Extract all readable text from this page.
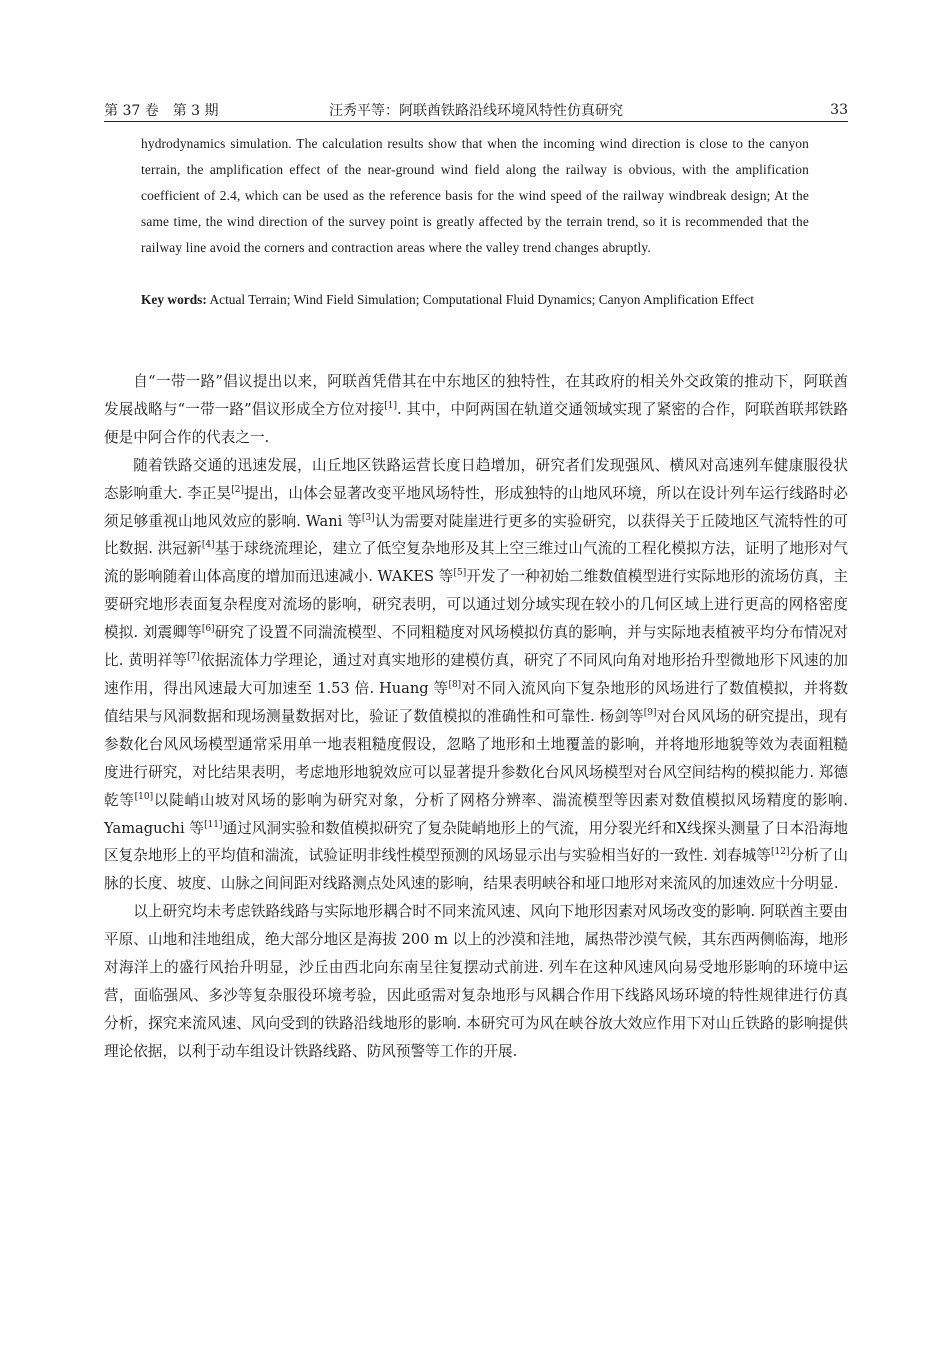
第 37 卷　第 3 期	汪秀平等：阿联酋铁路沿线环境风特性仿真研究	33
hydrodynamics simulation. The calculation results show that when the incoming wind direction is close to the canyon terrain, the amplification effect of the near-ground wind field along the railway is obvious, with the amplification coefficient of 2.4, which can be used as the reference basis for the wind speed of the railway windbreak design; At the same time, the wind direction of the survey point is greatly affected by the terrain trend, so it is recommended that the railway line avoid the corners and contraction areas where the valley trend changes abruptly.
Key words: Actual Terrain; Wind Field Simulation; Computational Fluid Dynamics; Canyon Amplification Effect

自“一带一路”倡议提出以来，阿联酋凭借其在中东地区的独特性，在其政府的相关外交政策的推动下，阿联酋发展战略与“一带一路”倡议形成全方位对接[1]. 其中，中阿两国在轨道交通领域实现了紧密的合作，阿联酋联邦铁路便是中阿合作的代表之一.

随着铁路交通的迅速发展，山丘地区铁路运营长度日趋增加，研究者们发现强风、横风对高速列车健康服役状态影响重大. 李正昊[2]提出，山体会显著改变平地风场特性，形成独特的山地风环境，所以在设计列车运行线路时必须足够重视山地风效应的影响. Wani 等[3]认为需要对陡崖进行更多的实验研究，以获得关于丘陵地区气流特性的可比数据. 洪冠新[4]基于球绕流理论，建立了低空复杂地形及其上空三维过山气流的工程化模拟方法，证明了地形对气流的影响随着山体高度的增加而迅速减小. WAKES 等[5]开发了一种初始二维数值模型进行实际地形的流场仿真，主要研究地形表面复杂程度对流场的影响，研究表明，可以通过划分域实现在较小的几何区域上进行更高的网格密度模拟. 刘震卿等[6]研究了设置不同湍流模型、不同粗糙度对风场模拟仿真的影响，并与实际地表植被平均分布情况对比. 黄明祥等[7]依据流体力学理论，通过对真实地形的建模仿真，研究了不同风向角对地形抬升型微地形下风速的加速作用，得出风速最大可加速至 1.53 倍. Huang 等[8]对不同入流风向下复杂地形的风场进行了数值模拟，并将数值结果与风洞数据和现场测量数据对比，验证了数值模拟的准确性和可靠性. 杨剑等[9]对台风风场的研究提出，现有参数化台风风场模型通常采用单一地表粗糙度假设，忽略了地形和土地覆盖的影响，并将地形地貌等效为表面粗糙度进行研究，对比结果表明，考虑地形地貌效应可以显著提升参数化台风风场模型对台风空间结构的模拟能力. 郑德乾等[10]以陡峭山坡对风场的影响为研究对象，分析了网格分辨率、湍流模型等因素对数值模拟风场精度的影响. Yamaguchi 等[11]通过风洞实验和数值模拟研究了复杂陡峭地形上的气流，用分裂光纤和X线探头测量了日本沿海地区复杂地形上的平均值和湍流，试验证明非线性模型预测的风场显示出与实验相当好的一致性. 刘春城等[12]分析了山脉的长度、坡度、山脉之间间距对线路测点处风速的影响，结果表明峡谷和垭口地形对来流风的加速效应十分明显.

以上研究均未考虑铁路线路与实际地形耦合时不同来流风速、风向下地形因素对风场改变的影响. 阿联酋主要由平原、山地和洼地组成，绝大部分地区是海拔 200 m 以上的沙漠和洼地，属热带沙漠气候，其东西两侧临海，地形对海洋上的盛行风抬升明显，沙丘由西北向东南呈往复摆动式前进. 列车在这种风速风向易受地形影响的环境中运营，面临强风、多沙等复杂服役环境考验，因此亟需对复杂地形与风耦合作用下线路风场环境的特性规律进行仿真分析，探究来流风速、风向受到的铁路沿线地形的影响. 本研究可为风在峡谷放大效应作用下对山丘铁路的影响提供理论依据，以利于动车组设计铁路线路、防风预警等工作的开展.
